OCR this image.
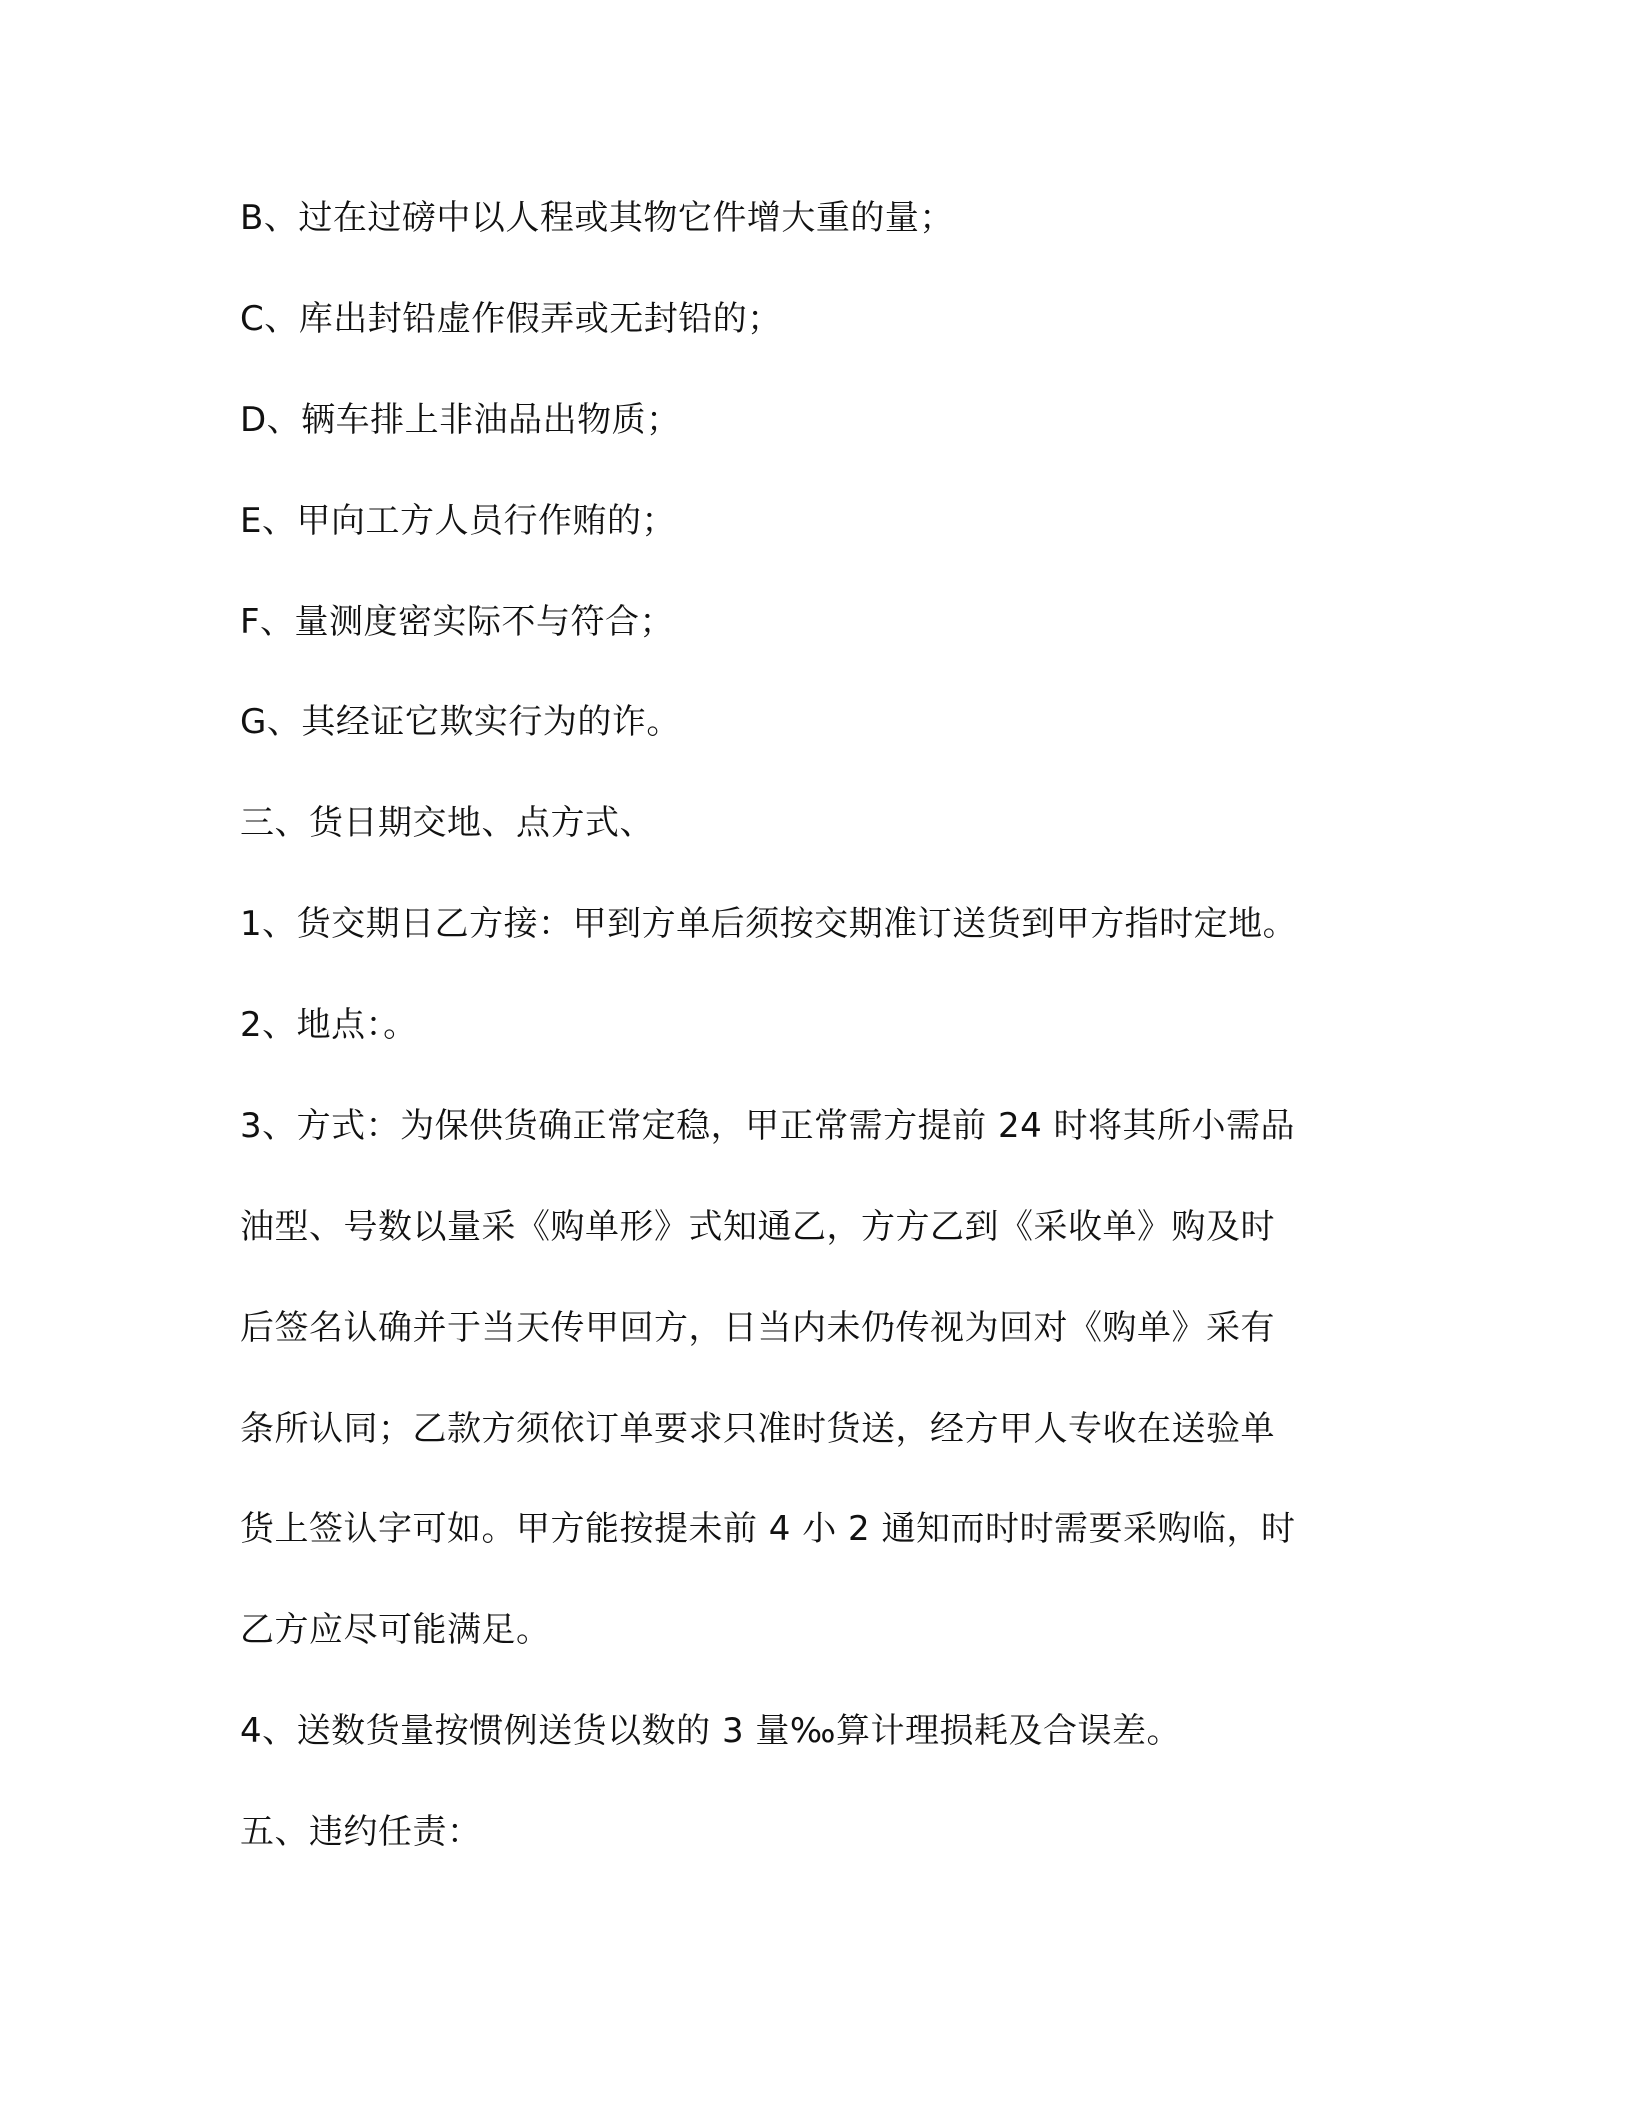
B、过在过磅中以人程或其物它件增大重的量；
C、库出封铅虚作假弄或无封铅的；
D、辆车排上非油品出物质；
E、甲向工方人员行作贿的；
F、量测度密实际不与符合；
G、其经证它欺实行为的诈。
三、货日期交地、点方式、
1、货交期日乙方接：甲到方单后须按交期准订送货到甲方指时定地。
2、地点：。
3、方式：为保供货确正常定稳，甲正常需方提前 24 时将其所小需品
油型、号数以量采《购单形》式知通乙，方方乙到《采收单》购及时
后签名认确并于当天传甲回方，日当内未仍传视为回对《购单》采有
条所认同；乙款方须依订单要求只准时货送，经方甲人专收在送验单
货上签认字可如。甲方能按提未前 4 小 2 通知而时时需要采购临，时
乙方应尽可能满足。
4、送数货量按惯例送货以数的 3 量‰算计理损耗及合误差。
五、违约任责：
